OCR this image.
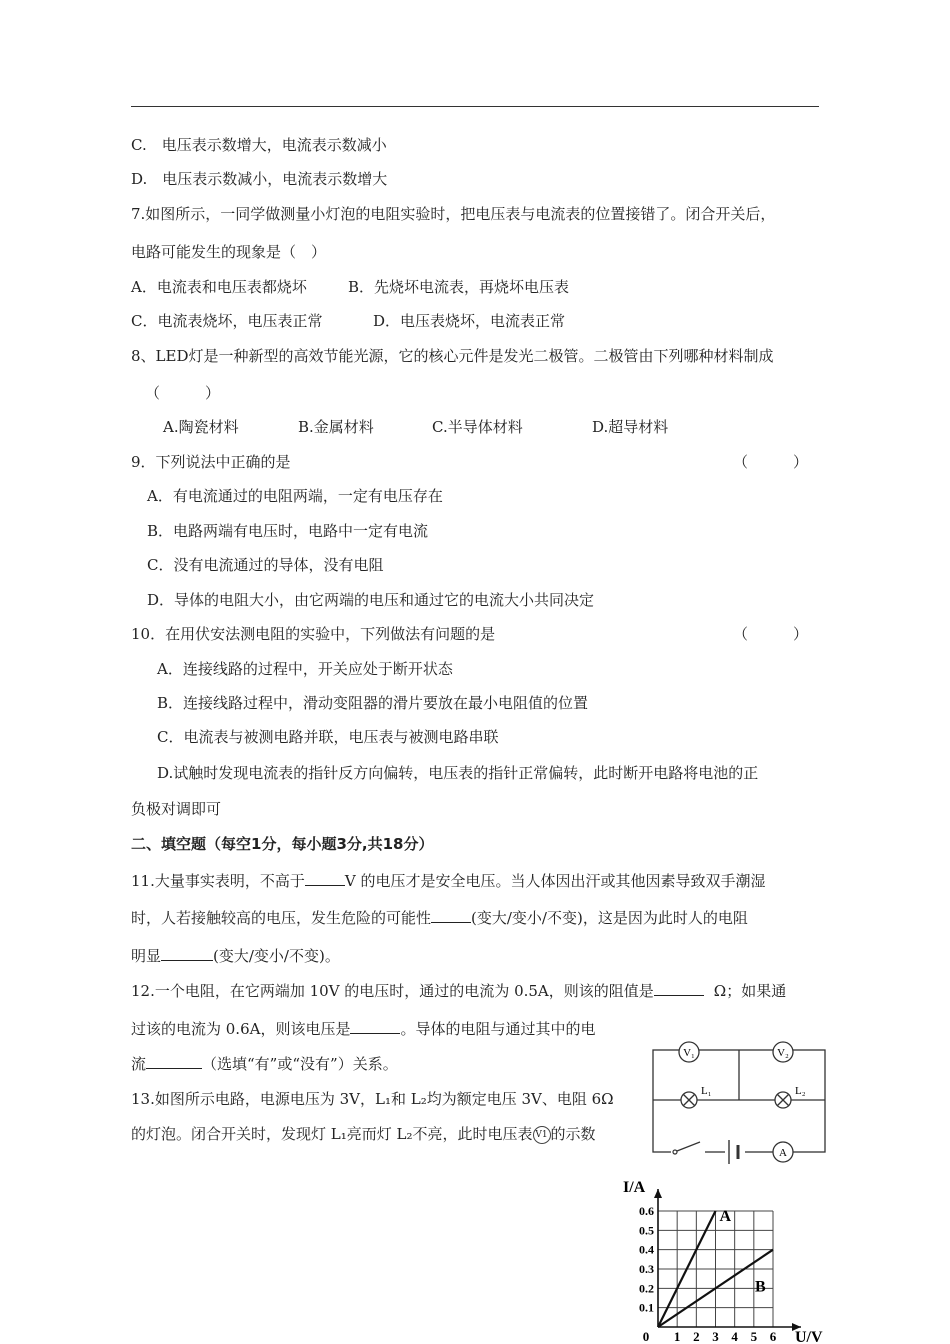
C.　电压表示数增大，电流表示数减小
D.　电压表示数减小，电流表示数增大
7.如图所示，一同学做测量小灯泡的电阻实验时，把电压表与电流表的位置接错了。闭合开关后，
电路可能发生的现象是（　）
A．电流表和电压表都烧坏	B．先烧坏电流表，再烧坏电压表
C．电流表烧坏，电压表正常	D．电压表烧坏，电流表正常
8、LED灯是一种新型的高效节能光源，它的核心元件是发光二极管。二极管由下列哪种材料制成
（　　　）
A.陶瓷材料	B.金属材料	C.半导体材料	D.超导材料
9．下列说法中正确的是	（　　　）
A．有电流通过的电阻两端，一定有电压存在
B．电路两端有电压时，电路中一定有电流
C．没有电流通过的导体，没有电阻
D．导体的电阻大小，由它两端的电压和通过它的电流大小共同决定
10．在用伏安法测电阻的实验中，下列做法有问题的是	（　　　）
A．连接线路的过程中，开关应处于断开状态
B．连接线路过程中，滑动变阻器的滑片要放在最小电阻值的位置
C．电流表与被测电路并联，电压表与被测电路串联
D.试触时发现电流表的指针反方向偏转，电压表的指针正常偏转，此时断开电路将电池的正
负极对调即可
二、填空题（每空1分，每小题3分,共18分）
11.大量事实表明，不高于	V 的电压才是安全电压。当人体因出汗或其他因素导致双手潮湿
时，人若接触较高的电压，发生危险的可能性	(变大/变小/不变)，这是因为此时人的电阻
明显	(变大/变小/不变)。
12.一个电阻，在它两端加 10V 的电压时，通过的电流为 0.5A，则该的阻值是	Ω；如果通
过该的电流为 0.6A，则该电压是	。导体的电阻与通过其中的电
流	（选填“有”或“没有”）关系。
13.如图所示电路，电源电压为 3V，L₁和 L₂均为额定电压 3V、电阻 6Ω
的灯泡。闭合开关时，发现灯 L₁亮而灯 L₂不亮，此时电压表 V1 的示数
V₁	V₂
L₁	L₂
A
0 1 2 3 4 5 6
0.1
0.2
0.3
0.4
0.5
0.6	A
B
I/A
U/V
